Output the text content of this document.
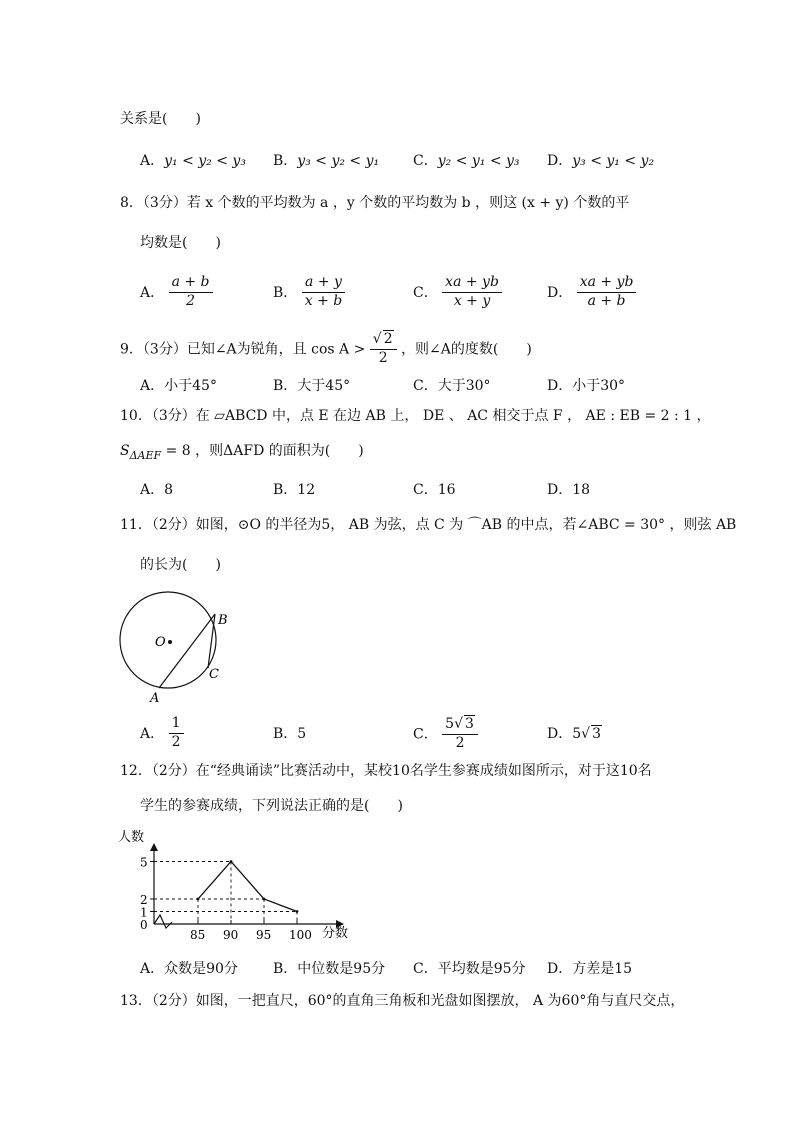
关系是(　　)
A．y₁ < y₂ < y₃ B．y₃ < y₂ < y₁ C．y₂ < y₁ < y₃ D．y₃ < y₁ < y₂
8．（3分）若 x 个数的平均数为 a ，y 个数的平均数为 b ，则这 (x + y) 个数的平
均数是(　　)
A． $\frac{a + b}{2}$	B． $\frac{a + y}{x + b}$	C． $\frac{xa + yb}{x + y}$	D． $\frac{xa + yb}{a + b}$
9．（3分）已知∠A为锐角，且 $\cos A > \frac{√ 2}{2}$ ，则∠A的度数(　　)
A．小于45°	B．大于45°	C．大于30°	D．小于30°
10．（3分）在 ▱ABCD 中，点 E 在边 AB 上， DE 、 AC 相交于点 F ， AE : EB = 2 : 1 ，
$S_{\Delta AEF} = 8$ ，则ΔAFD 的面积为(　　)
A．8	B．12	C．16	D．18
11．（2分）如图，⊙O 的半径为5， AB 为弦，点 C 为 ⌒AB 的中点，若∠ABC = 30° ，则弦 AB
的长为(　　)
O
A
B
C
A． $\frac{1}{2}$	B．5	C． $\frac{5√ 3}{2}$	D．5√ 3
12．（2分）在“经典诵读”比赛活动中，某校10名学生参赛成绩如图所示，对于这10名
学生的参赛成绩，下列说法正确的是(　　)
人数
分数
0
1
2
5
85 90 95 100
A．众数是90分	B．中位数是95分 C．平均数是95分 D．方差是15
13．（2分）如图，一把直尺，60°的直角三角板和光盘如图摆放， A 为60°角与直尺交点，
